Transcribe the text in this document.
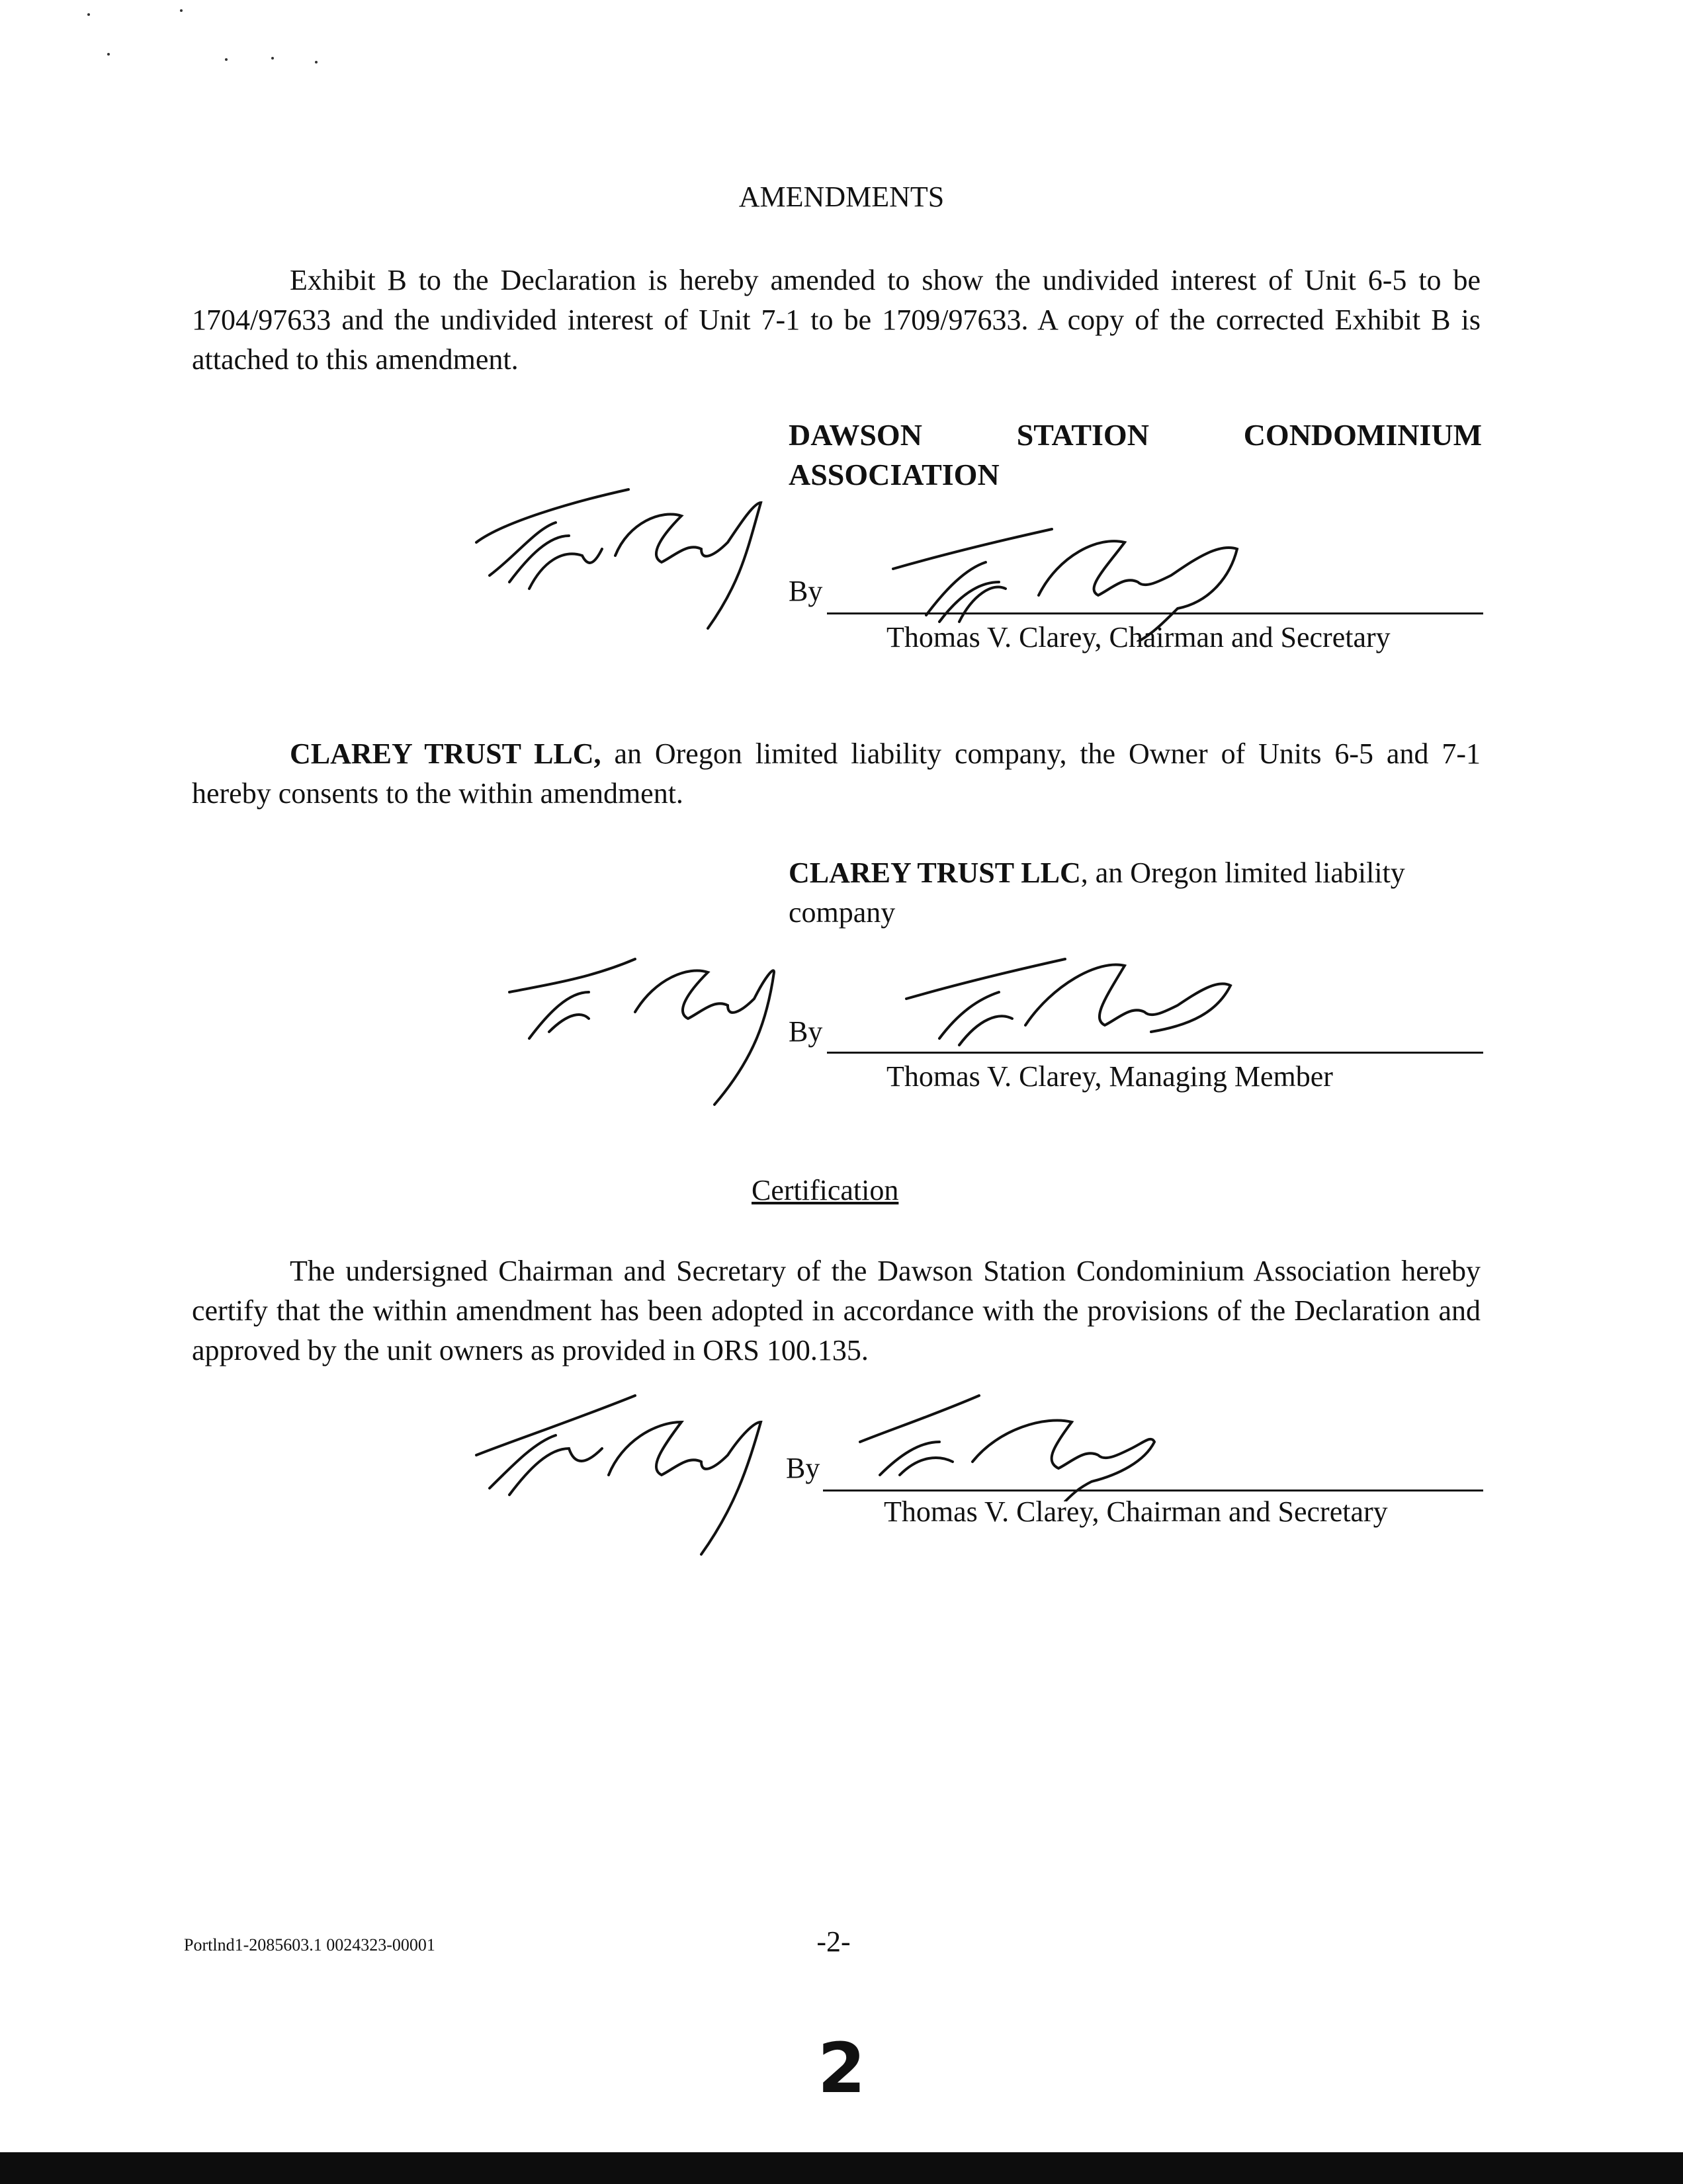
AMENDMENTS
Exhibit B to the Declaration is hereby amended to show the undivided interest of Unit 6-5 to be 1704/97633 and the undivided interest of Unit 7-1 to be 1709/97633. A copy of the corrected Exhibit B is attached to this amendment.
DAWSON	STATION	CONDOMINIUM
ASSOCIATION
By
Thomas V. Clarey, Chairman and Secretary
CLAREY TRUST LLC, an Oregon limited liability company, the Owner of Units 6-5 and 7-1 hereby consents to the within amendment.
CLAREY TRUST LLC, an Oregon limited liability
company
By
Thomas V. Clarey, Managing Member
Certification
The undersigned Chairman and Secretary of the Dawson Station Condominium Association hereby certify that the within amendment has been adopted in accordance with the provisions of the Declaration and approved by the unit owners as provided in ORS 100.135.
By
Thomas V. Clarey, Chairman and Secretary
Portlnd1-2085603.1 0024323-00001	-2-
2
